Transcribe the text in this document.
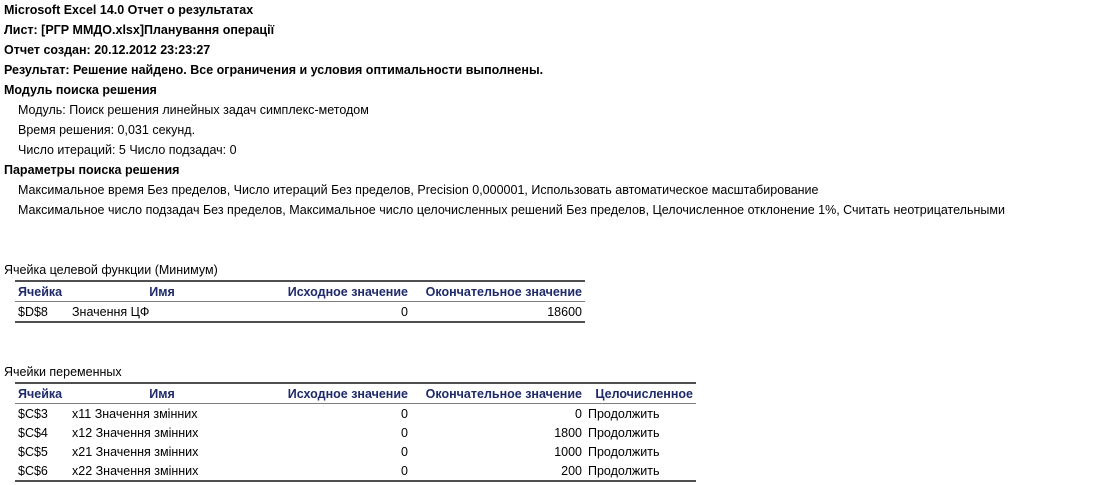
Microsoft Excel 14.0 Отчет о результатах
Лист: [РГР ММДО.xlsx]Планування операції
Отчет создан: 20.12.2012 23:23:27
Результат: Решение найдено. Все ограничения и условия оптимальности выполнены.
Модуль поиска решения
Модуль: Поиск решения линейных задач симплекс-методом
Время решения: 0,031 секунд.
Число итераций: 5 Число подзадач: 0
Параметры поиска решения
Максимальное время Без пределов, Число итераций Без пределов, Precision 0,000001, Использовать автоматическое масштабирование
Максимальное число подзадач Без пределов, Максимальное число целочисленных решений Без пределов, Целочисленное отклонение 1%, Считать неотрицательными
Ячейка целевой функции (Минимум)
Ячейка	Имя	Исходное значение	Окончательное значение
$D$8	Значення ЦФ	0	18600
Ячейки переменных
Ячейка	Имя	Исходное значение	Окончательное значение	Целочисленное
$C$3	x11 Значення змінних	0	0	Продолжить
$C$4	x12 Значення змінних	0	1800	Продолжить
$C$5	x21 Значення змінних	0	1000	Продолжить
$C$6	x22 Значення змінних	0	200	Продолжить
